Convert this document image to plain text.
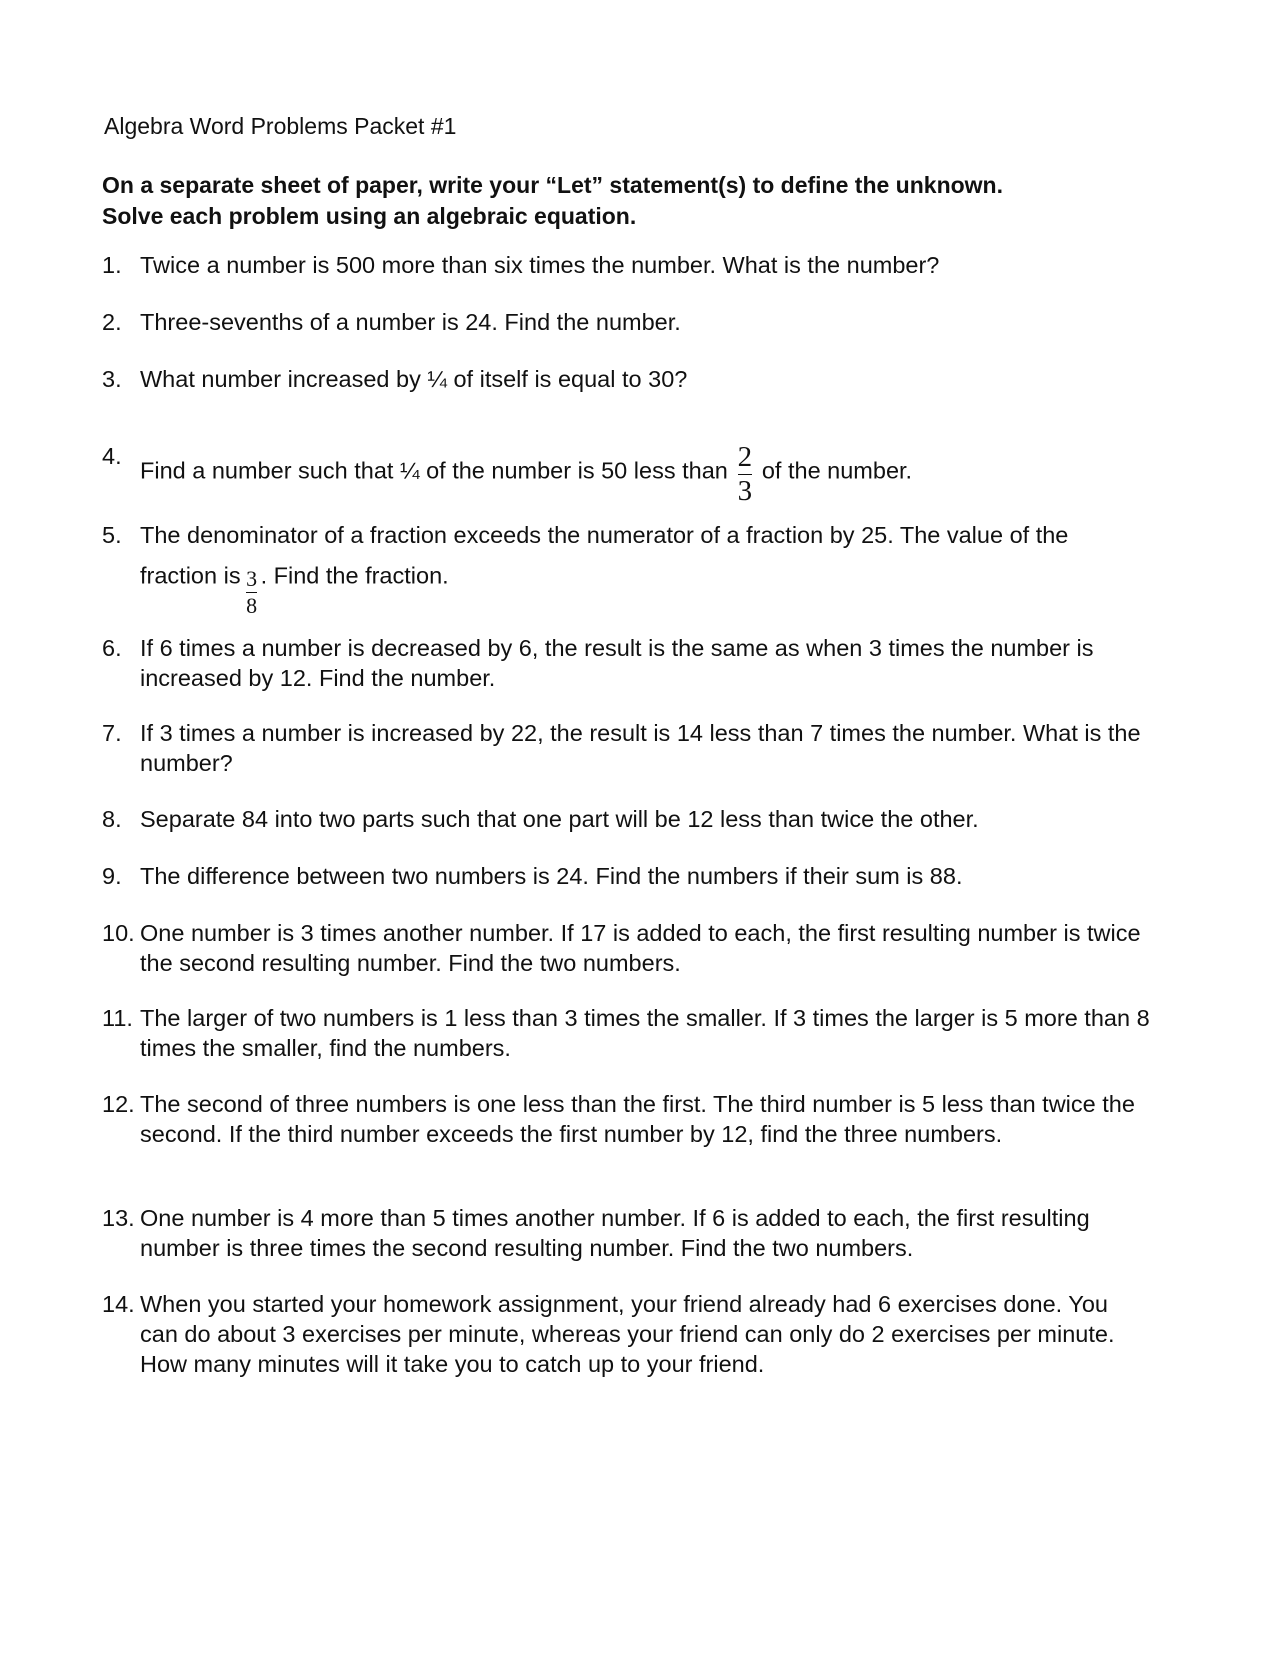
Algebra Word Problems Packet #1

On a separate sheet of paper, write your “Let” statement(s) to define the unknown.
Solve each problem using an algebraic equation.

1. Twice a number is 500 more than six times the number. What is the number?
2. Three-sevenths of a number is 24. Find the number.
3. What number increased by ¼ of itself is equal to 30?
4.
Find a number such that ¼ of the number is 50 less than $\frac{2}{3}$ of the number.
5. The denominator of a fraction exceeds the numerator of a fraction by 25. The value of the
fraction is $\frac{3}{8}$ . Find the fraction.
6. If 6 times a number is decreased by 6, the result is the same as when 3 times the number is increased by 12. Find the number.
7. If 3 times a number is increased by 22, the result is 14 less than 7 times the number. What is the number?
8. Separate 84 into two parts such that one part will be 12 less than twice the other.
9. The difference between two numbers is 24. Find the numbers if their sum is 88.
10. One number is 3 times another number. If 17 is added to each, the first resulting number is twice the second resulting number. Find the two numbers.
11. The larger of two numbers is 1 less than 3 times the smaller. If 3 times the larger is 5 more than 8 times the smaller, find the numbers.
12. The second of three numbers is one less than the first. The third number is 5 less than twice the second. If the third number exceeds the first number by 12, find the three numbers.
13. One number is 4 more than 5 times another number. If 6 is added to each, the first resulting number is three times the second resulting number. Find the two numbers.
14. When you started your homework assignment, your friend already had 6 exercises done. You can do about 3 exercises per minute, whereas your friend can only do 2 exercises per minute. How many minutes will it take you to catch up to your friend.
